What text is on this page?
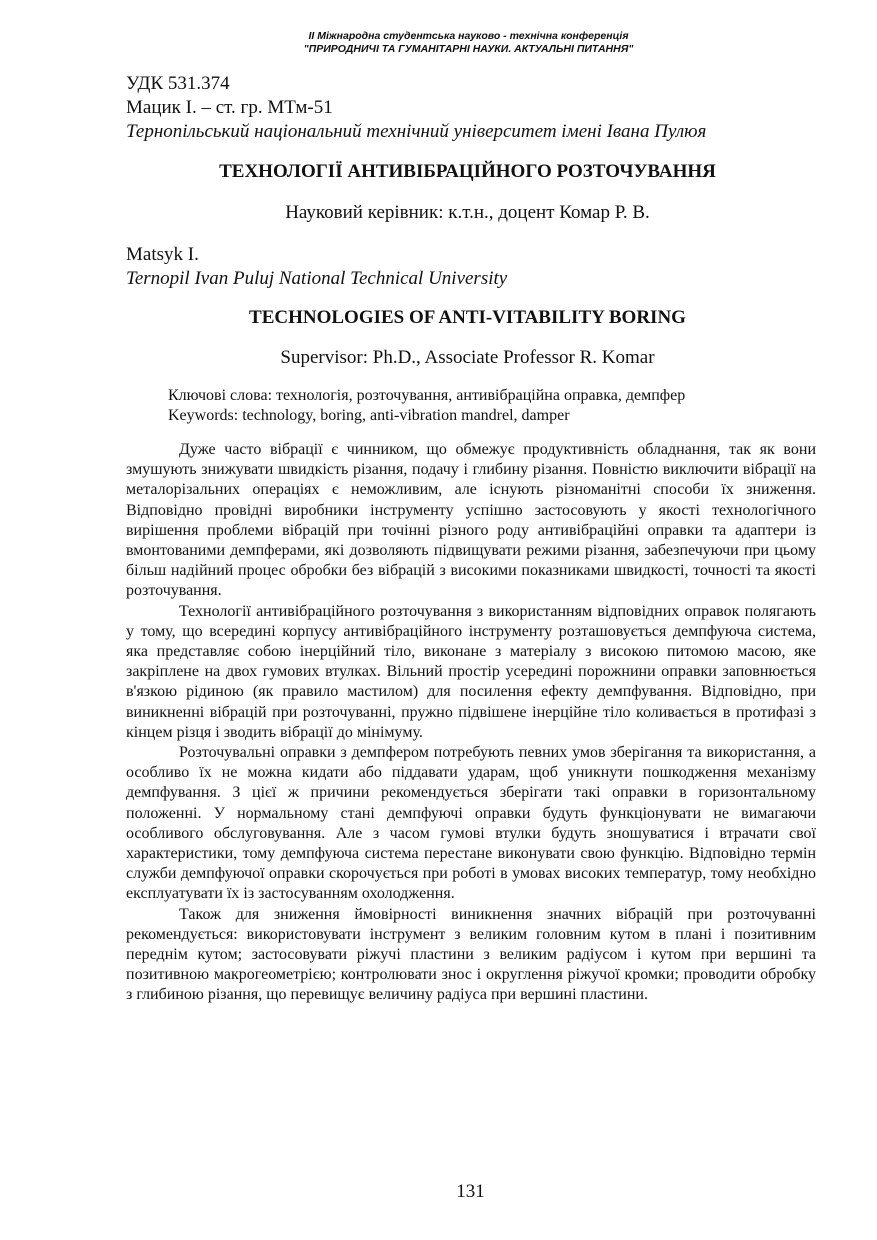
ІІ Міжнародна студентська науково - технічна конференція
"ПРИРОДНИЧІ ТА ГУМАНІТАРНІ НАУКИ. АКТУАЛЬНІ ПИТАННЯ"
УДК 531.374
Мацик І. – ст. гр. МТм-51
Тернопільський національний технічний університет імені Івана Пулюя
ТЕХНОЛОГІЇ АНТИВІБРАЦІЙНОГО РОЗТОЧУВАННЯ
Науковий керівник: к.т.н., доцент Комар Р. В.
Matsyk I.
Ternopil Ivan Puluj National Technical University
TECHNOLOGIES OF ANTI-VITABILITY BORING
Supervisor: Ph.D., Associate Professor R. Komar
Ключові слова: технологія, розточування, антивібраційна оправка, демпфер
Keywords: technology, boring, anti-vibration mandrel, damper

Дуже часто вібрації є чинником, що обмежує продуктивність обладнання, так як вони змушують знижувати швидкість різання, подачу і глибину різання. Повністю виключити вібрації на металорізальних операціях є неможливим, але існують різноманітні способи їх зниження. Відповідно провідні виробники інструменту успішно застосовують у якості технологічного вирішення проблеми вібрацій при точінні різного роду антивібраційні оправки та адаптери із вмонтованими демпферами, які дозволяють підвищувати режими різання, забезпечуючи при цьому більш надійний процес обробки без вібрацій з високими показниками швидкості, точності та якості розточування.

Технології антивібраційного розточування з використанням відповідних оправок полягають у тому, що всередині корпусу антивібраційного інструменту розташовується демпфуюча система, яка представляє собою інерційний тіло, виконане з матеріалу з високою питомою масою, яке закріплене на двох гумових втулках. Вільний простір усередині порожнини оправки заповнюється в'язкою рідиною (як правило мастилом) для посилення ефекту демпфування. Відповідно, при виникненні вібрацій при розточуванні, пружно підвішене інерційне тіло коливається в протифазі з кінцем різця і зводить вібрації до мінімуму.

Розточувальні оправки з демпфером потребують певних умов зберігання та використання, а особливо їх не можна кидати або піддавати ударам, щоб уникнути пошкодження механізму демпфування. З цієї ж причини рекомендується зберігати такі оправки в горизонтальному положенні. У нормальному стані демпфуючі оправки будуть функціонувати не вимагаючи особливого обслуговування. Але з часом гумові втулки будуть зношуватися і втрачати свої характеристики, тому демпфуюча система перестане виконувати свою функцію. Відповідно термін служби демпфуючої оправки скорочується при роботі в умовах високих температур, тому необхідно експлуатувати їх із застосуванням охолодження.

Також для зниження ймовірності виникнення значних вібрацій при розточуванні рекомендується: використовувати інструмент з великим головним кутом в плані і позитивним переднім кутом; застосовувати ріжучі пластини з великим радіусом і кутом при вершині та позитивною макрогеометрією; контролювати знос і округлення ріжучої кромки; проводити обробку з глибиною різання, що перевищує величину радіуса при вершині пластини.

131
